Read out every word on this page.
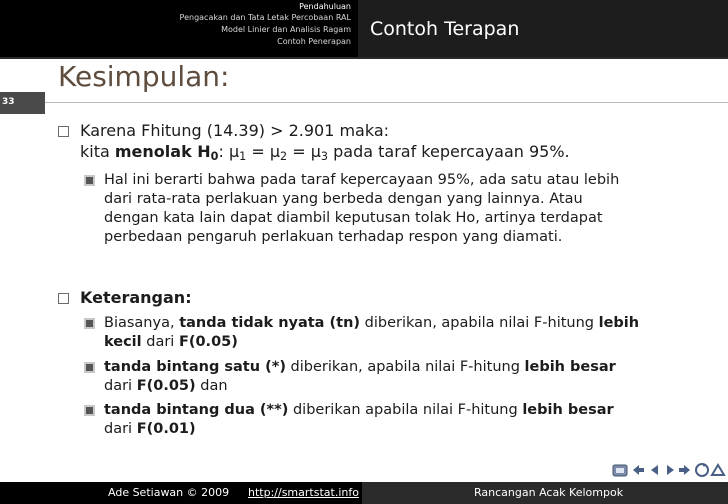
Pendahuluan
Pengacakan dan Tata Letak Percobaan RAL
Model Linier dan Analisis Ragam
Contoh Penerapan
Contoh Terapan
Kesimpulan:
33
Karena Fhitung (14.39) > 2.901 maka:
kita menolak $H_0$: $\mu_1 = \mu_2 = \mu_3$ pada taraf kepercayaan 95%.
Hal ini berarti bahwa pada taraf kepercayaan 95%, ada satu atau lebih
dari rata-rata perlakuan yang berbeda dengan yang lainnya. Atau
dengan kata lain dapat diambil keputusan tolak Ho, artinya terdapat
perbedaan pengaruh perlakuan terhadap respon yang diamati.
Keterangan:
Biasanya, tanda tidak nyata (tn) diberikan, apabila nilai F-hitung lebih
kecil dari F(0.05)
tanda bintang satu (*) diberikan, apabila nilai F-hitung lebih besar
dari F(0.05) dan
tanda bintang dua (**) diberikan apabila nilai F-hitung lebih besar
dari F(0.01)
Ade Setiawan © 2009 http://smartstat.info	Rancangan Acak Kelompok
